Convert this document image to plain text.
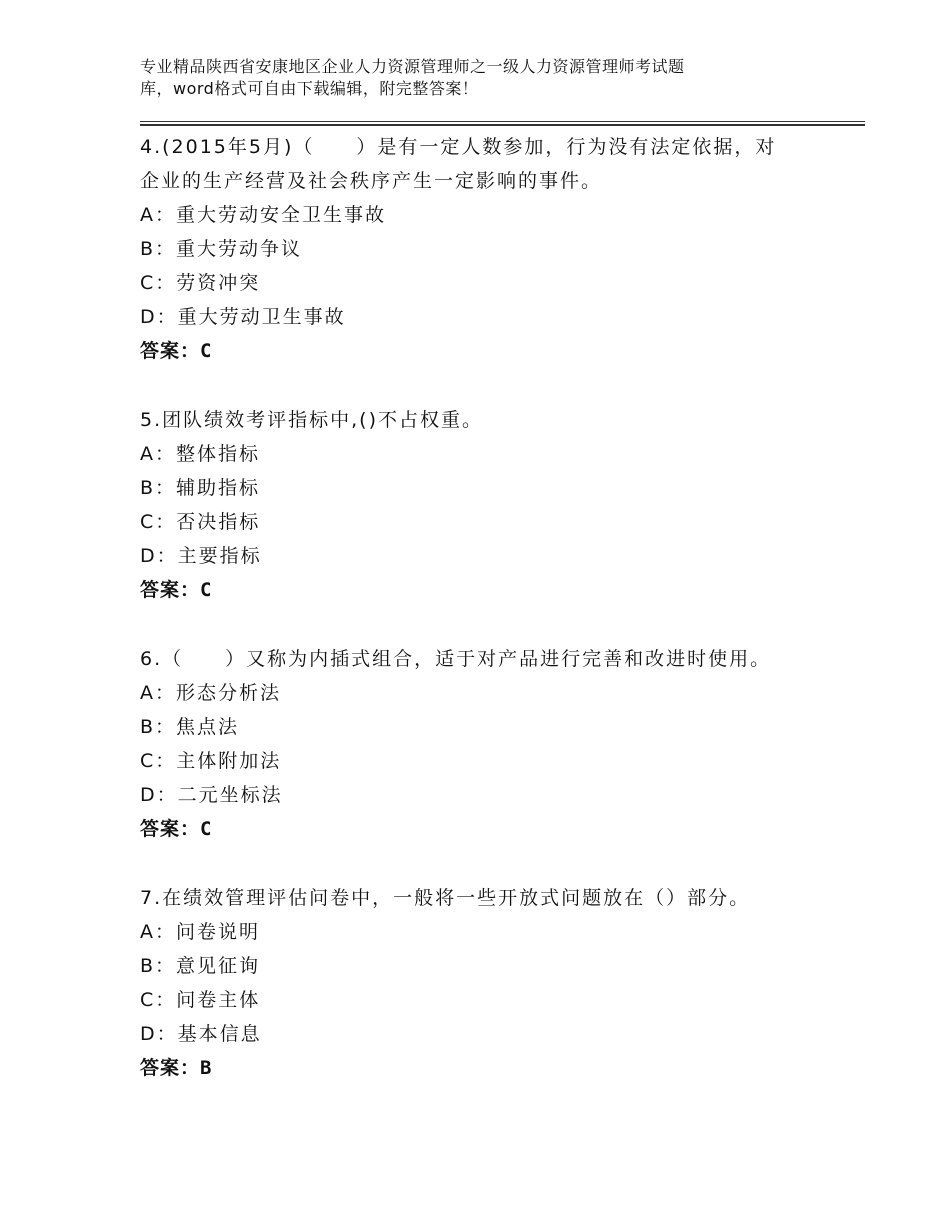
专业精品陕西省安康地区企业人力资源管理师之一级人力资源管理师考试题
库，word格式可自由下载编辑，附完整答案！
4.(2015年5月)（　　）是有一定人数参加，行为没有法定依据，对
企业的生产经营及社会秩序产生一定影响的事件。
A：重大劳动安全卫生事故
B：重大劳动争议
C：劳资冲突
D：重大劳动卫生事故
答案：C
5.团队绩效考评指标中,()不占权重。
A：整体指标
B：辅助指标
C：否决指标
D：主要指标
答案：C
6.（　　）又称为内插式组合，适于对产品进行完善和改进时使用。
A：形态分析法
B：焦点法
C：主体附加法
D：二元坐标法
答案：C
7.在绩效管理评估问卷中，一般将一些开放式问题放在（）部分。
A：问卷说明
B：意见征询
C：问卷主体
D：基本信息
答案：B
